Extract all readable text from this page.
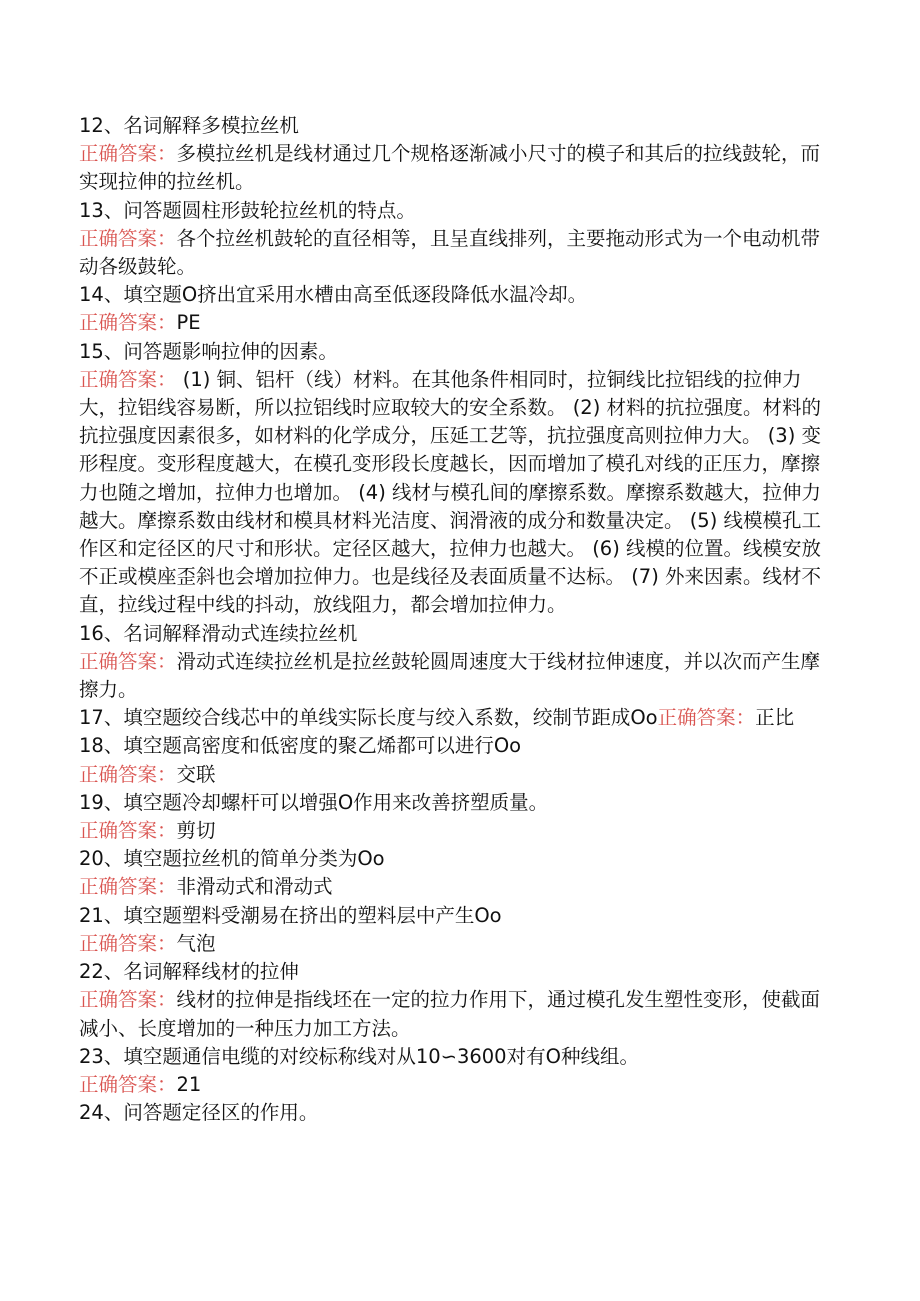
12、名词解释多模拉丝机

正确答案：多模拉丝机是线材通过几个规格逐渐减小尺寸的模子和其后的拉线鼓轮，而实现拉伸的拉丝机。

13、问答题圆柱形鼓轮拉丝机的特点。

正确答案：各个拉丝机鼓轮的直径相等，且呈直线排列，主要拖动形式为一个电动机带动各级鼓轮。

14、填空题O挤出宜采用水槽由高至低逐段降低水温冷却。

正确答案：PE

15、问答题影响拉伸的因素。

正确答案： (1) 铜、铝杆（线）材料。在其他条件相同时，拉铜线比拉铝线的拉伸力大，拉铝线容易断，所以拉铝线时应取较大的安全系数。 (2) 材料的抗拉强度。材料的抗拉强度因素很多，如材料的化学成分，压延工艺等，抗拉强度高则拉伸力大。 (3) 变形程度。变形程度越大，在模孔变形段长度越长，因而增加了模孔对线的正压力，摩擦力也随之增加，拉伸力也增加。 (4) 线材与模孔间的摩擦系数。摩擦系数越大，拉伸力越大。摩擦系数由线材和模具材料光洁度、润滑液的成分和数量决定。 (5) 线模模孔工作区和定径区的尺寸和形状。定径区越大，拉伸力也越大。 (6) 线模的位置。线模安放不正或模座歪斜也会增加拉伸力。也是线径及表面质量不达标。 (7) 外来因素。线材不直，拉线过程中线的抖动，放线阻力，都会增加拉伸力。

16、名词解释滑动式连续拉丝机

正确答案：滑动式连续拉丝机是拉丝鼓轮圆周速度大于线材拉伸速度，并以次而产生摩擦力。

17、填空题绞合线芯中的单线实际长度与绞入系数，绞制节距成Oo正确答案：正比

18、填空题高密度和低密度的聚乙烯都可以进行Oo

正确答案：交联

19、填空题冷却螺杆可以增强O作用来改善挤塑质量。

正确答案：剪切

20、填空题拉丝机的简单分类为Oo

正确答案：非滑动式和滑动式

21、填空题塑料受潮易在挤出的塑料层中产生Oo

正确答案：气泡

22、名词解释线材的拉伸

正确答案：线材的拉伸是指线坯在一定的拉力作用下，通过模孔发生塑性变形，使截面减小、长度增加的一种压力加工方法。

23、填空题通信电缆的对绞标称线对从10∽3600对有O种线组。

正确答案：21

24、问答题定径区的作用。
